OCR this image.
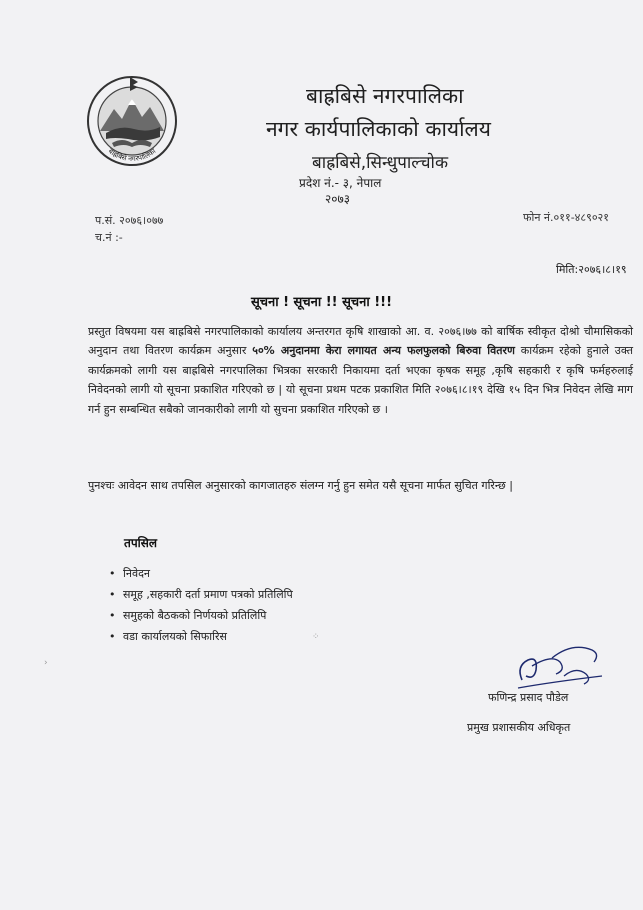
बाह्रबिसे नगरपालिका
बाह्रबिसे नगरपालिका
नगर कार्यपालिकाको कार्यालय
बाह्रबिसे,सिन्धुपाल्चोक
प्रदेश नं.- ३, नेपाल
२०७३
प.सं. २०७६।०७७
च.नं :-
फोन नं.०११-४८९०२१
मिति:२०७६।८।१९
सूचना ! सूचना !! सूचना !!!
प्रस्तुत विषयमा यस बाह्रबिसे नगरपालिकाको कार्यालय अन्तरगत कृषि शाखाको आ. व. २०७६।७७ को बार्षिक स्वीकृत दोश्रो चौमासिकको अनुदान तथा वितरण कार्यक्रम अनुसार ५०% अनुदानमा केरा लगायत अन्य फलफुलको बिरुवा वितरण कार्यक्रम रहेको हुनाले उक्त कार्यक्रमको लागी यस बाह्रबिसे नगरपालिका भित्रका सरकारी निकायमा दर्ता भएका कृषक समूह ,कृषि सहकारी र कृषि फर्महरुलाई निवेदनको लागी यो सूचना प्रकाशित गरिएको छ | यो सूचना प्रथम पटक प्रकाशित मिति २०७६।८।१९ देखि १५ दिन भित्र निवेदन लेखि माग गर्न हुन सम्बन्धित सबैको जानकारीको लागी यो सुचना प्रकाशित गरिएको छ ।
पुनश्चः आवेदन साथ तपसिल अनुसारको कागजातहरु संलग्न गर्नु हुन समेत यसै सूचना मार्फत सुचित गरिन्छ |
तपसिल
• निवेदन
• समूह ,सहकारी दर्ता प्रमाण पत्रको प्रतिलिपि
• समुहको बैठकको निर्णयको प्रतिलिपि
• वडा कार्यालयको सिफारिस	⁘
›
फणिन्द्र प्रसाद पौडेल
प्रमुख प्रशासकीय अधिकृत
